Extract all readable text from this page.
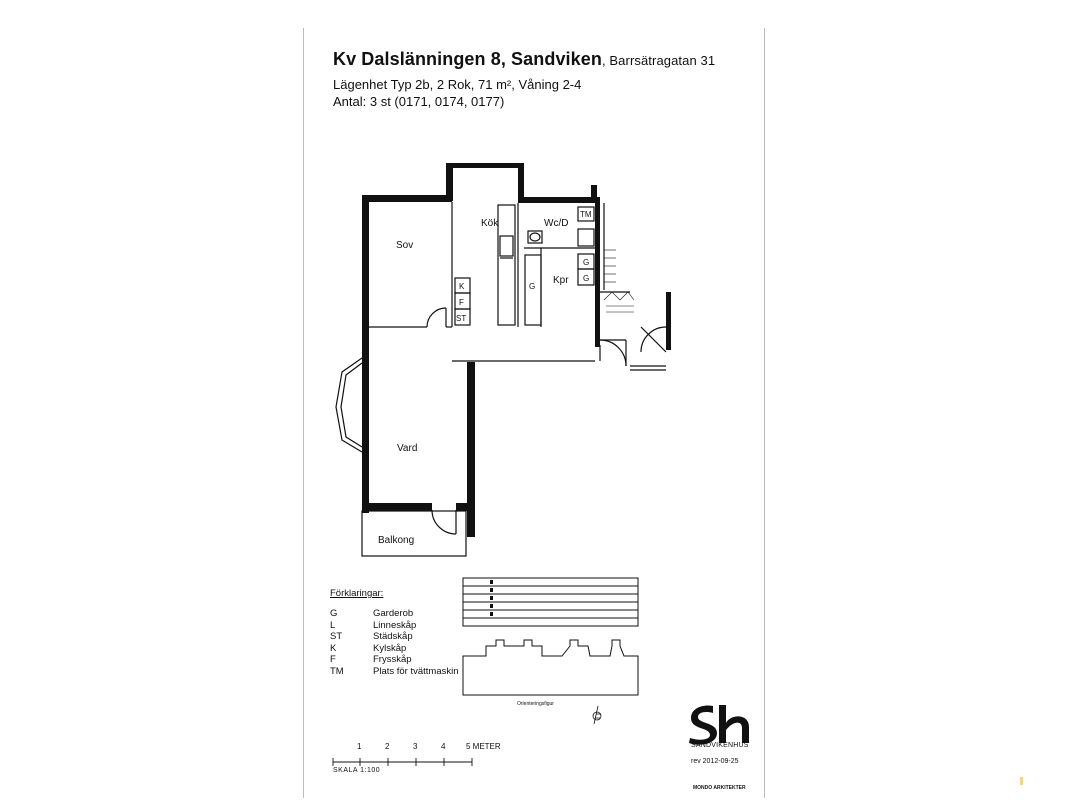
Kv Dalslänningen 8, Sandviken, Barrsätragatan 31
Lägenhet Typ 2b, 2 Rok, 71 m², Våning 2-4
Antal: 3 st (0171, 0174, 0177)
Sov
Kök	Wc/D
TM
Kpr
Vard
Balkong
K
F
ST
G
G
G
Förklaringar:
G	Garderob
L	Linneskåp
ST	Städskåp
K	Kylskåp
F	Frysskåp
TM	Plats för tvättmaskin
Orienteringsfigur
1	2	3	4	5 METER
SKALA 1:100
SANDVIKENHUS
rev 2012-09-25
MONDO ARKITEKTER
